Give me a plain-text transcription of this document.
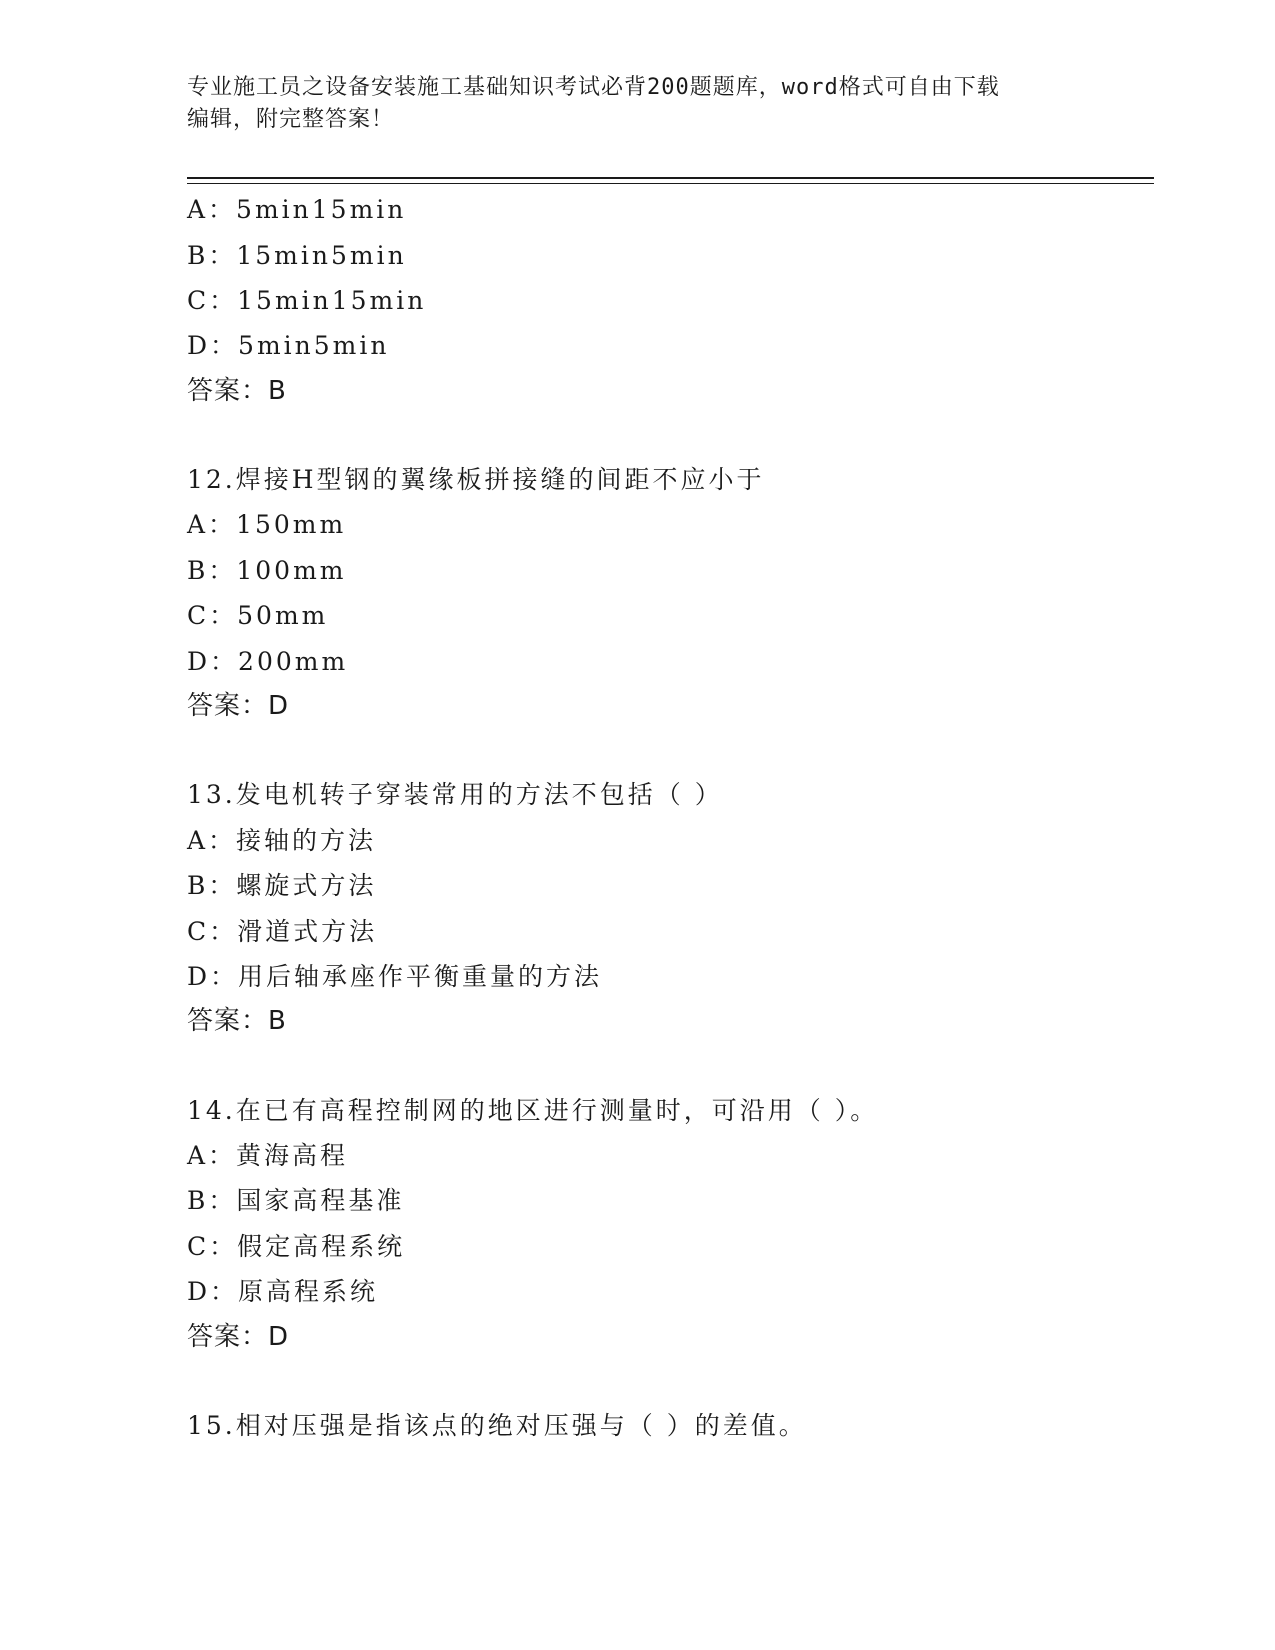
专业施工员之设备安装施工基础知识考试必背200题题库，word格式可自由下载
编辑，附完整答案！
A：5min15min
B：15min5min
C：15min15min
D：5min5min
答案：B
12.焊接H型钢的翼缘板拼接缝的间距不应小于
A：150mm
B：100mm
C：50mm
D：200mm
答案：D
13.发电机转子穿装常用的方法不包括（ ）
A：接轴的方法
B：螺旋式方法
C：滑道式方法
D：用后轴承座作平衡重量的方法
答案：B
14.在已有高程控制网的地区进行测量时，可沿用（ ）。
A：黄海高程
B：国家高程基准
C：假定高程系统
D：原高程系统
答案：D
15.相对压强是指该点的绝对压强与（ ）的差值。
